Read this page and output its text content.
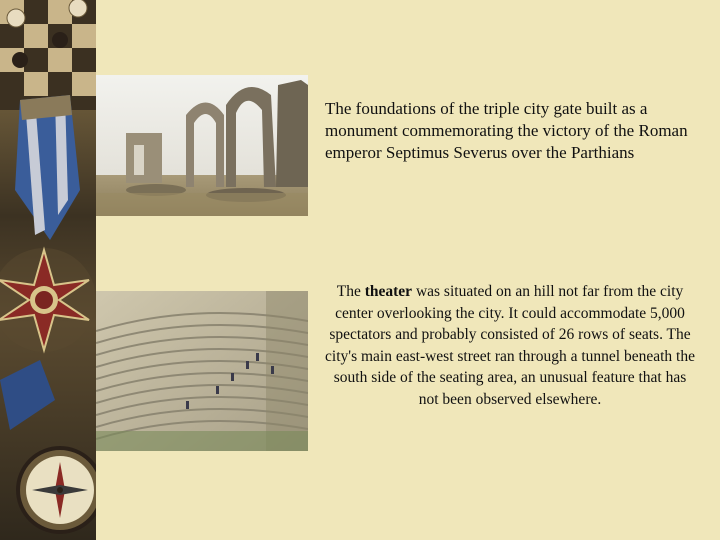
The foundations of the triple city gate built as a monument commemorating the victory of the Roman emperor Septimus Severus over the Parthians

The theater was situated on an hill not far from the city center overlooking the city. It could accommodate 5,000 spectators and probably consisted of 26 rows of seats. The city's main east-west street ran through a tunnel beneath the south side of the seating area, an unusual feature that has not been observed elsewhere.
